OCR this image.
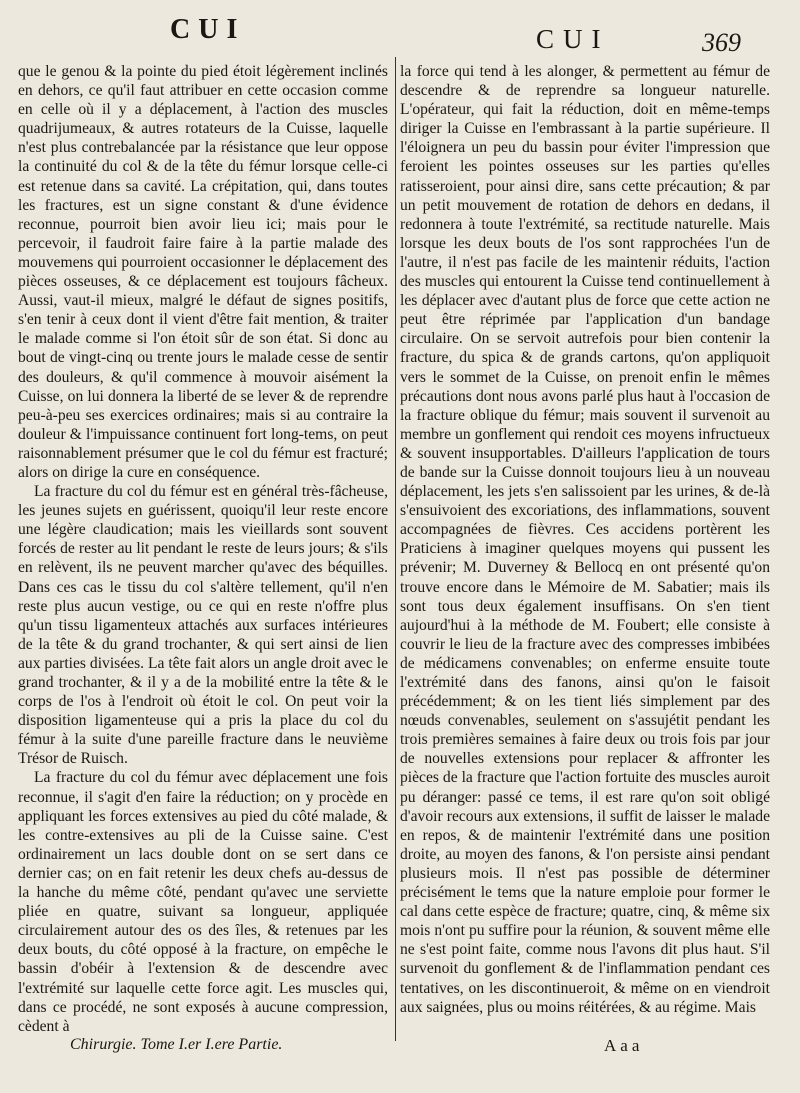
CUI	CUI	369

que le genou & la pointe du pied étoit légèrement inclinés en dehors, ce qu'il faut attribuer en cette occasion comme en celle où il y a déplacement, à l'action des muscles quadrijumeaux, & autres rotateurs de la Cuisse, laquelle n'est plus contrebalancée par la résistance que leur oppose la continuité du col & de la tête du fémur lorsque celle-ci est retenue dans sa cavité. La crépitation, qui, dans toutes les fractures, est un signe constant & d'une évidence reconnue, pourroit bien avoir lieu ici; mais pour le percevoir, il faudroit faire faire à la partie malade des mouvemens qui pourroient occasionner le déplacement des pièces osseuses, & ce déplacement est toujours fâcheux. Aussi, vaut-il mieux, malgré le défaut de signes positifs, s'en tenir à ceux dont il vient d'être fait mention, & traiter le malade comme si l'on étoit sûr de son état. Si donc au bout de vingt-cinq ou trente jours le malade cesse de sentir des douleurs, & qu'il commence à mouvoir aisément la Cuisse, on lui donnera la liberté de se lever & de reprendre peu-à-peu ses exercices ordinaires; mais si au contraire la douleur & l'impuissance continuent fort long-tems, on peut raisonnablement présumer que le col du fémur est fracturé; alors on dirige la cure en conséquence.

La fracture du col du fémur est en général très-fâcheuse, les jeunes sujets en guérissent, quoiqu'il leur reste encore une légère claudication; mais les vieillards sont souvent forcés de rester au lit pendant le reste de leurs jours; & s'ils en relèvent, ils ne peuvent marcher qu'avec des béquilles. Dans ces cas le tissu du col s'altère tellement, qu'il n'en reste plus aucun vestige, ou ce qui en reste n'offre plus qu'un tissu ligamenteux attachés aux surfaces intérieures de la tête & du grand trochanter, & qui sert ainsi de lien aux parties divisées. La tête fait alors un angle droit avec le grand trochanter, & il y a de la mobilité entre la tête & le corps de l'os à l'endroit où étoit le col. On peut voir la disposition ligamenteuse qui a pris la place du col du fémur à la suite d'une pareille fracture dans le neuvième Trésor de Ruisch.

La fracture du col du fémur avec déplacement une fois reconnue, il s'agit d'en faire la réduction; on y procède en appliquant les forces extensives au pied du côté malade, & les contre-extensives au pli de la Cuisse saine. C'est ordinairement un lacs double dont on se sert dans ce dernier cas; on en fait retenir les deux chefs au-dessus de la hanche du même côté, pendant qu'avec une serviette pliée en quatre, suivant sa longueur, appliquée circulairement autour des os des îles, & retenues par les deux bouts, du côté opposé à la fracture, on empêche le bassin d'obéir à l'extension & de descendre avec l'extrémité sur laquelle cette force agit. Les muscles qui, dans ce procédé, ne sont exposés à aucune compression, cèdent à

la force qui tend à les alonger, & permettent au fémur de descendre & de reprendre sa longueur naturelle. L'opérateur, qui fait la réduction, doit en même-temps diriger la Cuisse en l'embrassant à la partie supérieure. Il l'éloignera un peu du bassin pour éviter l'impression que feroient les pointes osseuses sur les parties qu'elles ratisseroient, pour ainsi dire, sans cette précaution; & par un petit mouvement de rotation de dehors en dedans, il redonnera à toute l'extrémité, sa rectitude naturelle. Mais lorsque les deux bouts de l'os sont rapprochées l'un de l'autre, il n'est pas facile de les maintenir réduits, l'action des muscles qui entourent la Cuisse tend continuellement à les déplacer avec d'autant plus de force que cette action ne peut être réprimée par l'application d'un bandage circulaire. On se servoit autrefois pour bien contenir la fracture, du spica & de grands cartons, qu'on appliquoit vers le sommet de la Cuisse, on prenoit enfin le mêmes précautions dont nous avons parlé plus haut à l'occasion de la fracture oblique du fémur; mais souvent il survenoit au membre un gonflement qui rendoit ces moyens infructueux & souvent insupportables. D'ailleurs l'application de tours de bande sur la Cuisse donnoit toujours lieu à un nouveau déplacement, les jets s'en salissoient par les urines, & de-là s'ensuivoient des excoriations, des inflammations, souvent accompagnées de fièvres. Ces accidens portèrent les Praticiens à imaginer quelques moyens qui pussent les prévenir; M. Duverney & Bellocq en ont présenté qu'on trouve encore dans le Mémoire de M. Sabatier; mais ils sont tous deux également insuffisans. On s'en tient aujourd'hui à la méthode de M. Foubert; elle consiste à couvrir le lieu de la fracture avec des compresses imbibées de médicamens convenables; on enferme ensuite toute l'extrémité dans des fanons, ainsi qu'on le faisoit précédemment; & on les tient liés simplement par des nœuds convenables, seulement on s'assujétit pendant les trois premières semaines à faire deux ou trois fois par jour de nouvelles extensions pour replacer & affronter les pièces de la fracture que l'action fortuite des muscles auroit pu déranger: passé ce tems, il est rare qu'on soit obligé d'avoir recours aux extensions, il suffit de laisser le malade en repos, & de maintenir l'extrémité dans une position droite, au moyen des fanons, & l'on persiste ainsi pendant plusieurs mois. Il n'est pas possible de déterminer précisément le tems que la nature emploie pour former le cal dans cette espèce de fracture; quatre, cinq, & même six mois n'ont pu suffire pour la réunion, & souvent même elle ne s'est point faite, comme nous l'avons dit plus haut. S'il survenoit du gonflement & de l'inflammation pendant ces tentatives, on les discontinueroit, & même on en viendroit aux saignées, plus ou moins réitérées, & au régime. Mais

Chirurgie. Tome I.er I.ere Partie.	Aaa
